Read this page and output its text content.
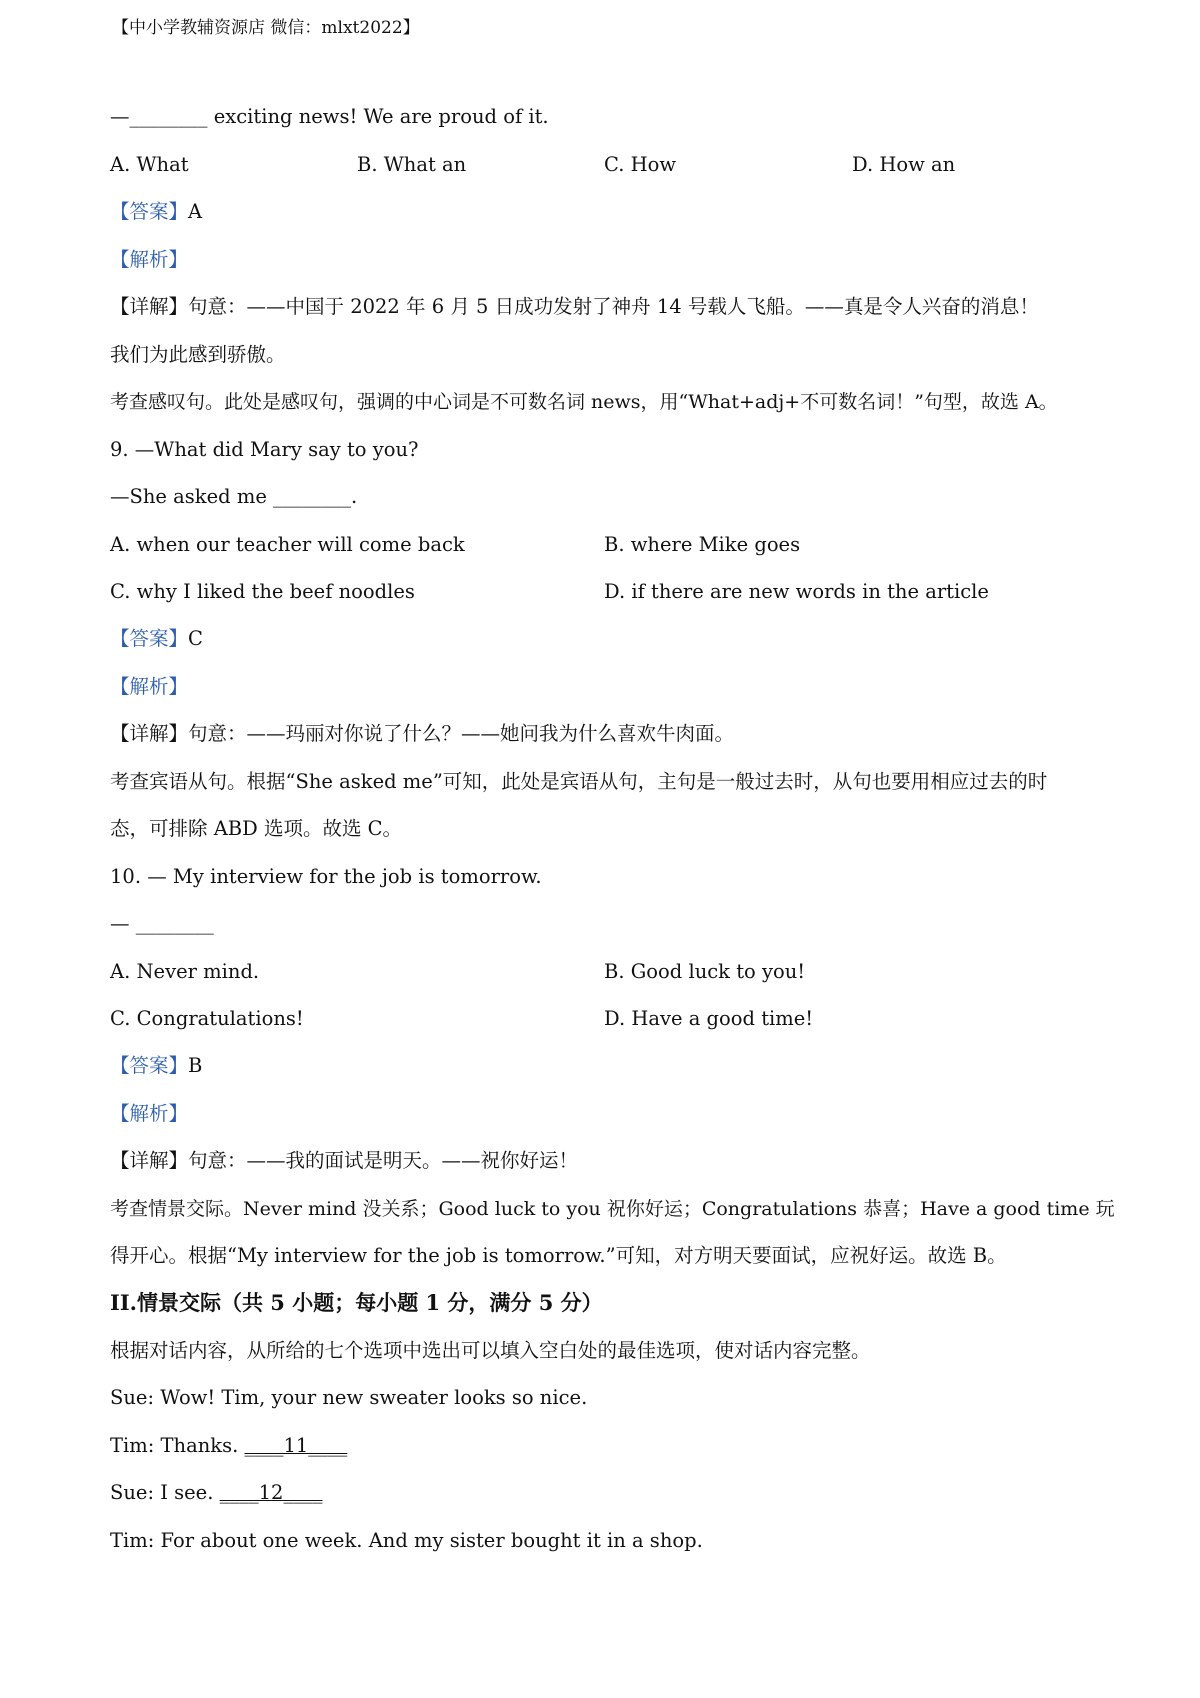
【中小学教辅资源店 微信：mlxt2022】
—________ exciting news! We are proud of it.
A. What	B. What an	C. How	D. How an
【答案】A
【解析】
【详解】句意：——中国于 2022 年 6 月 5 日成功发射了神舟 14 号载人飞船。——真是令人兴奋的消息！
我们为此感到骄傲。
考查感叹句。此处是感叹句，强调的中心词是不可数名词 news，用“What+adj+不可数名词！”句型，故选 A。
9. —What did Mary say to you?
—She asked me ________.
A. when our teacher will come back	B. where Mike goes
C. why I liked the beef noodles	D. if there are new words in the article
【答案】C
【解析】
【详解】句意：——玛丽对你说了什么？——她问我为什么喜欢牛肉面。
考查宾语从句。根据“She asked me”可知，此处是宾语从句，主句是一般过去时，从句也要用相应过去的时
态，可排除 ABD 选项。故选 C。
10. — My interview for the job is tomorrow.
— ________
A. Never mind.	B. Good luck to you!
C. Congratulations!	D. Have a good time!
【答案】B
【解析】
【详解】句意：——我的面试是明天。——祝你好运！
考查情景交际。Never mind 没关系；Good luck to you 祝你好运；Congratulations 恭喜；Have a good time 玩
得开心。根据“My interview for the job is tomorrow.”可知，对方明天要面试，应祝好运。故选 B。
II.情景交际（共 5 小题；每小题 1 分，满分 5 分）
根据对话内容，从所给的七个选项中选出可以填入空白处的最佳选项，使对话内容完整。
Sue: Wow! Tim, your new sweater looks so nice.
Tim: Thanks. ____11____
Sue: I see. ____12____
Tim: For about one week. And my sister bought it in a shop.
